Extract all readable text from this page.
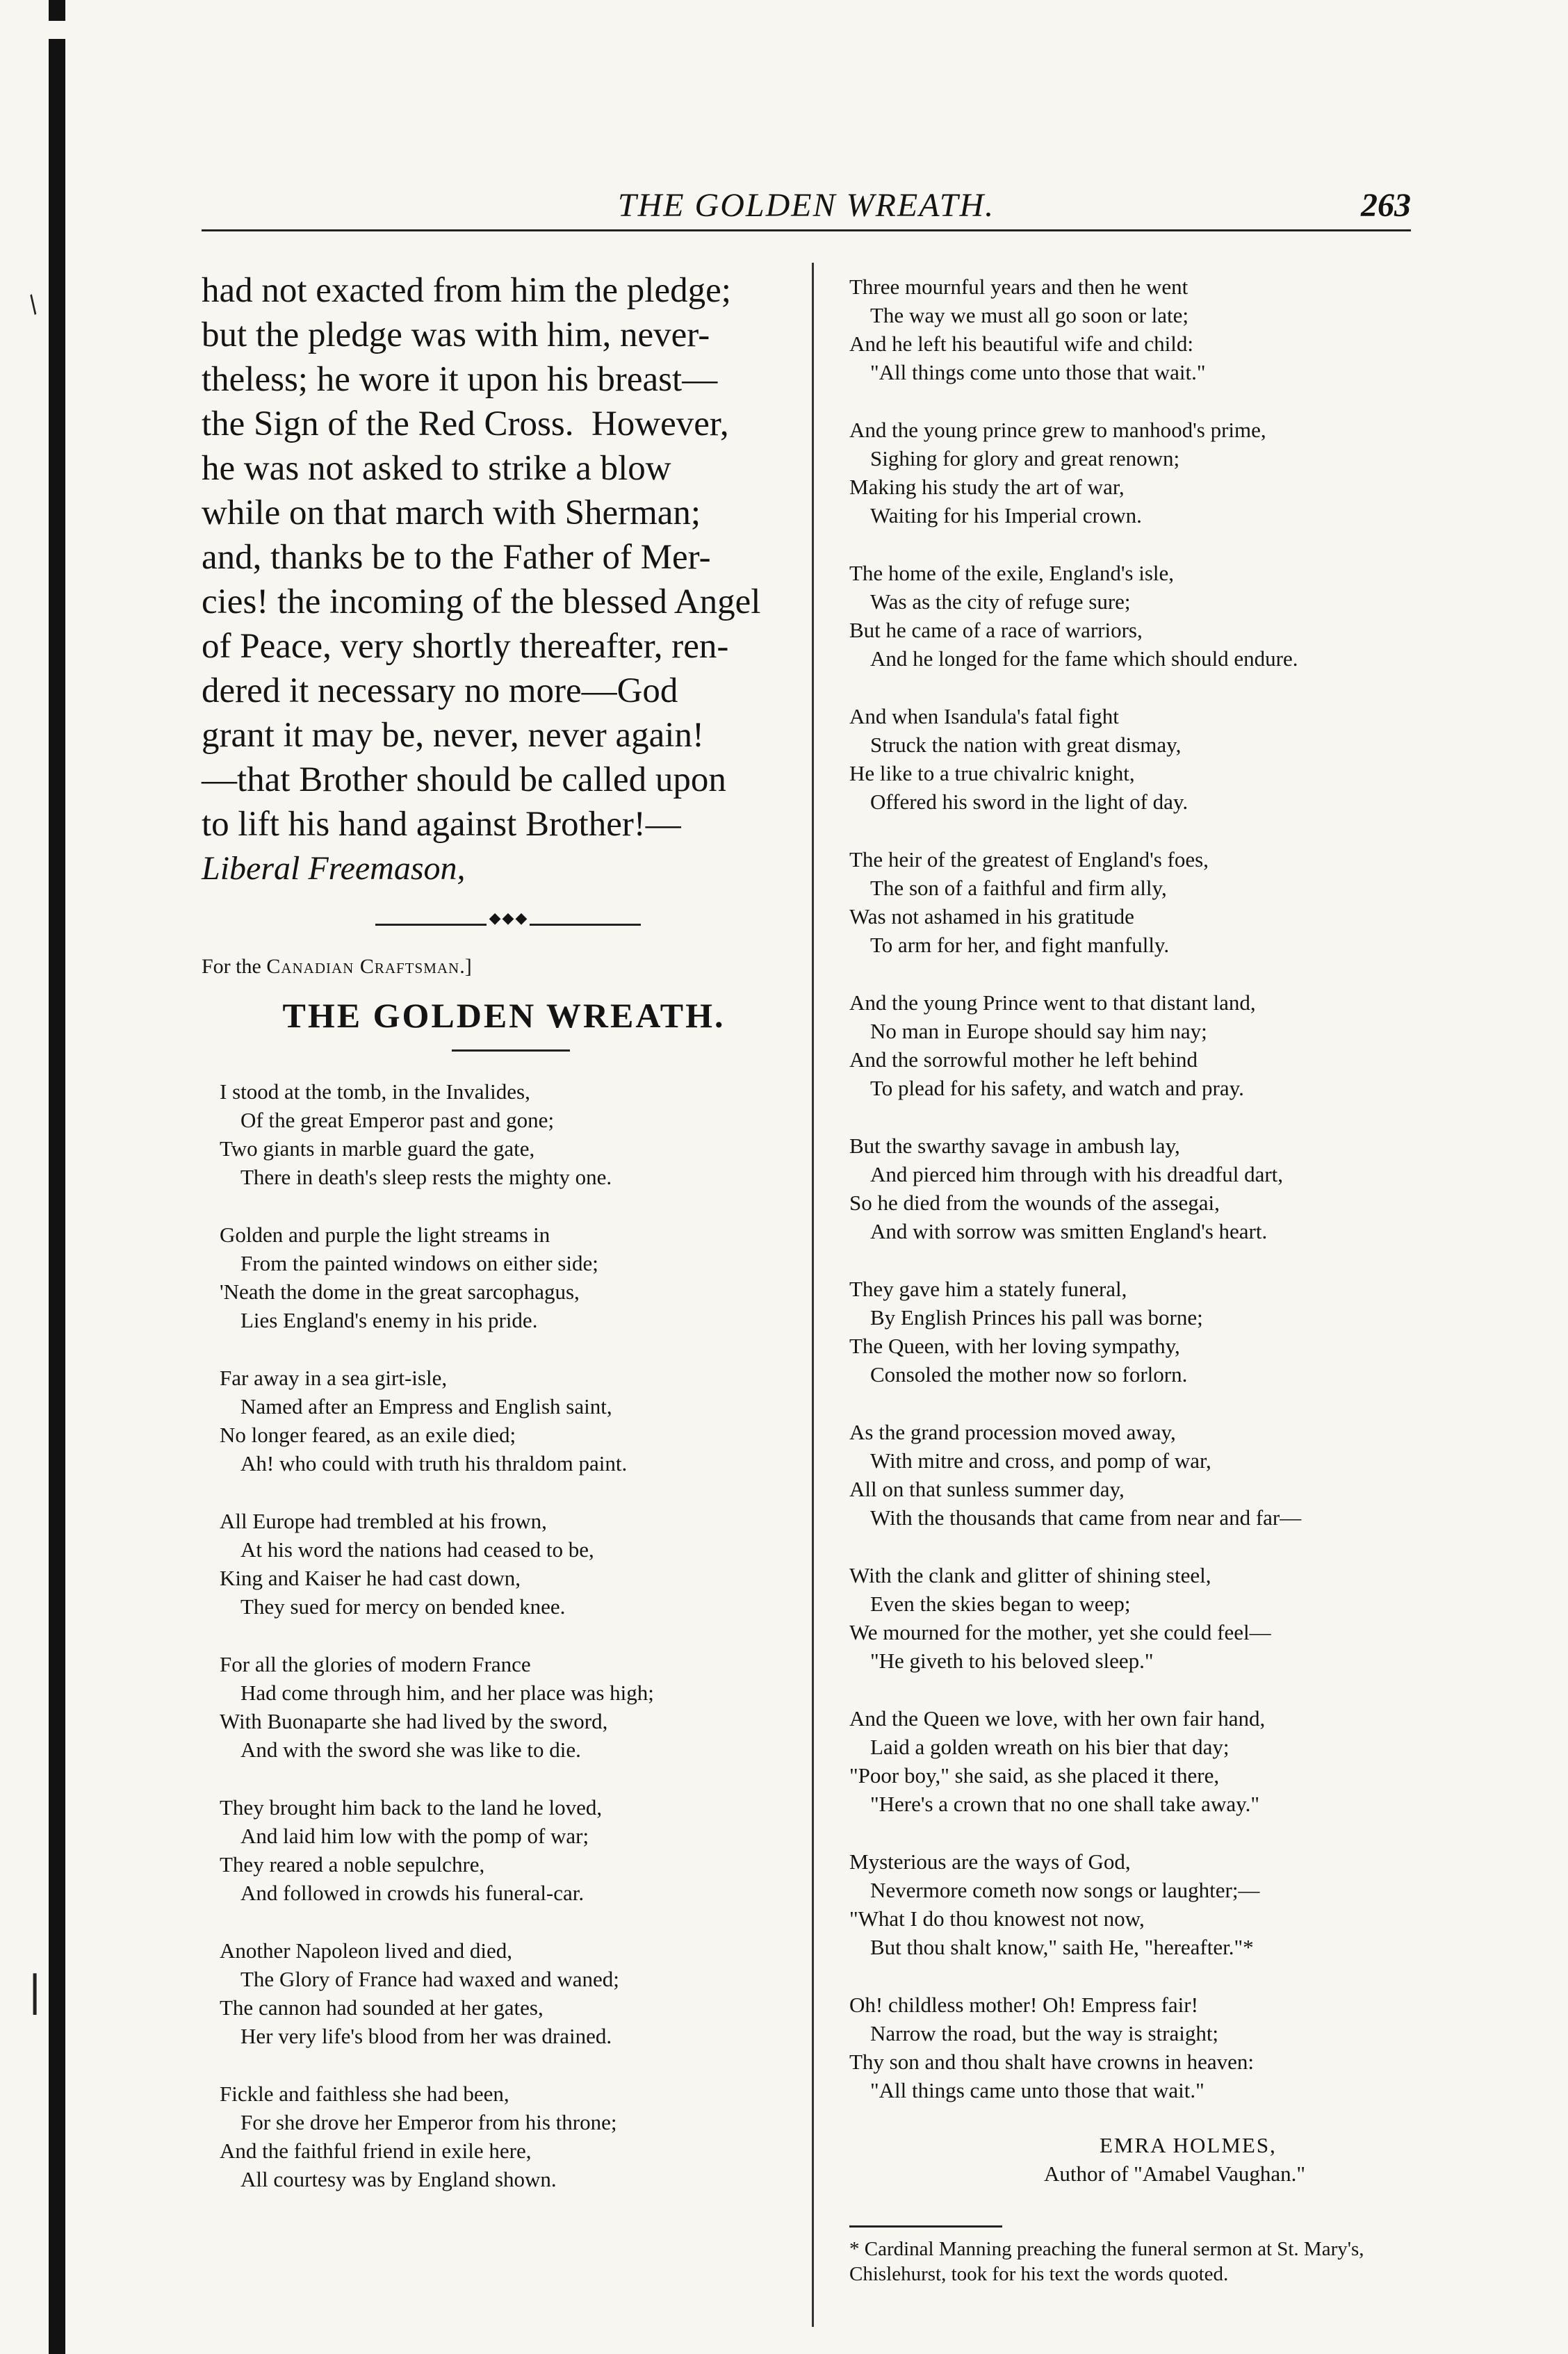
/
|
THE GOLDEN WREATH.	263

had not exacted from him the pledge;

but the pledge was with him, never-

theless; he wore it upon his breast—

the Sign of the Red Cross.  However,

he was not asked to strike a blow

while on that march with Sherman;

and, thanks be to the Father of Mer-

cies! the incoming of the blessed Angel

of Peace, very shortly thereafter, ren-

dered it necessary no more—God

grant it may be, never, never again!

—that Brother should be called upon

to lift his hand against Brother!—

Liberal Freemason,

◆◆◆
For the Canadian Craftsman.]
THE GOLDEN WREATH.
I stood at the tomb, in the Invalides,
Of the great Emperor past and gone;
Two giants in marble guard the gate,
There in death's sleep rests the mighty one.
Golden and purple the light streams in
From the painted windows on either side;
'Neath the dome in the great sarcophagus,
Lies England's enemy in his pride.
Far away in a sea girt-isle,
Named after an Empress and English saint,
No longer feared, as an exile died;
Ah! who could with truth his thraldom paint.
All Europe had trembled at his frown,
At his word the nations had ceased to be,
King and Kaiser he had cast down,
They sued for mercy on bended knee.
For all the glories of modern France
Had come through him, and her place was high;
With Buonaparte she had lived by the sword,
And with the sword she was like to die.
They brought him back to the land he loved,
And laid him low with the pomp of war;
They reared a noble sepulchre,
And followed in crowds his funeral-car.
Another Napoleon lived and died,
The Glory of France had waxed and waned;
The cannon had sounded at her gates,
Her very life's blood from her was drained.
Fickle and faithless she had been,
For she drove her Emperor from his throne;
And the faithful friend in exile here,
All courtesy was by England shown.
Three mournful years and then he went
The way we must all go soon or late;
And he left his beautiful wife and child:
"All things come unto those that wait."
And the young prince grew to manhood's prime,
Sighing for glory and great renown;
Making his study the art of war,
Waiting for his Imperial crown.
The home of the exile, England's isle,
Was as the city of refuge sure;
But he came of a race of warriors,
And he longed for the fame which should endure.
And when Isandula's fatal fight
Struck the nation with great dismay,
He like to a true chivalric knight,
Offered his sword in the light of day.
The heir of the greatest of England's foes,
The son of a faithful and firm ally,
Was not ashamed in his gratitude
To arm for her, and fight manfully.
And the young Prince went to that distant land,
No man in Europe should say him nay;
And the sorrowful mother he left behind
To plead for his safety, and watch and pray.
But the swarthy savage in ambush lay,
And pierced him through with his dreadful dart,
So he died from the wounds of the assegai,
And with sorrow was smitten England's heart.
They gave him a stately funeral,
By English Princes his pall was borne;
The Queen, with her loving sympathy,
Consoled the mother now so forlorn.
As the grand procession moved away,
With mitre and cross, and pomp of war,
All on that sunless summer day,
With the thousands that came from near and far—
With the clank and glitter of shining steel,
Even the skies began to weep;
We mourned for the mother, yet she could feel—
"He giveth to his beloved sleep."
And the Queen we love, with her own fair hand,
Laid a golden wreath on his bier that day;
"Poor boy," she said, as she placed it there,
"Here's a crown that no one shall take away."
Mysterious are the ways of God,
Nevermore cometh now songs or laughter;—
"What I do thou knowest not now,
But thou shalt know," saith He, "hereafter."*
Oh! childless mother! Oh! Empress fair!
Narrow the road, but the way is straight;
Thy son and thou shalt have crowns in heaven:
"All things came unto those that wait."
EMRA HOLMES,
Author of "Amabel Vaughan."
* Cardinal Manning preaching the funeral sermon at St. Mary's, Chislehurst, took for his text the words quoted.
